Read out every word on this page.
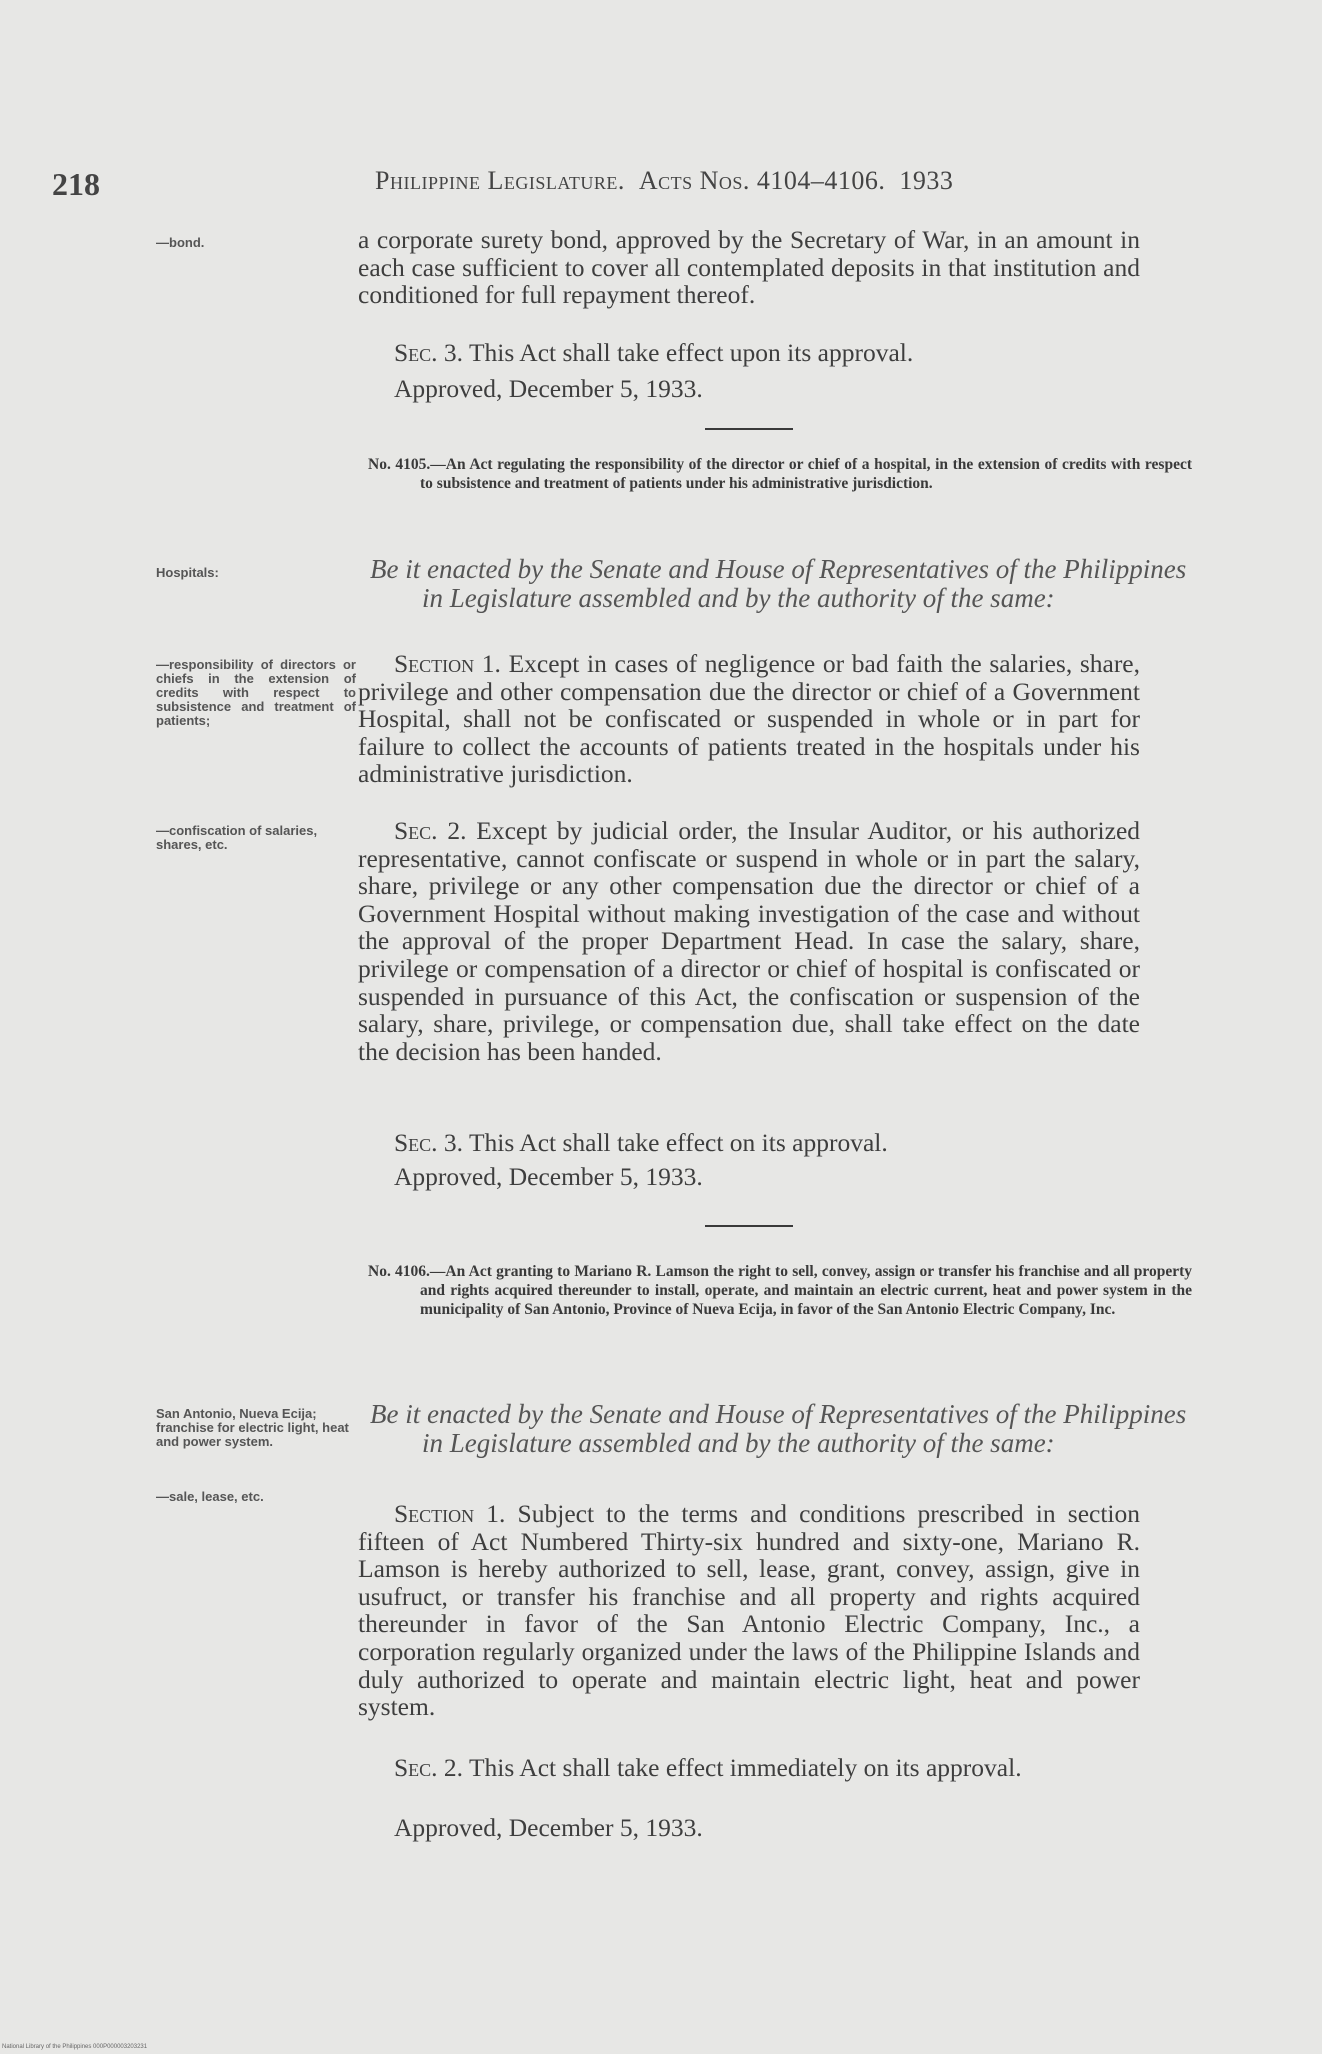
218	Philippine Legislature. Acts Nos. 4104–4106. 1933
—bond.	a corporate surety bond, approved by the Secretary of War, in an amount in each case sufficient to cover all contemplated deposits in that institution and conditioned for full repayment thereof.
Sec. 3. This Act shall take effect upon its approval.
Approved, December 5, 1933.
No. 4105.—An Act regulating the responsibility of the director or chief of a hospital, in the extension of credits with respect to subsistence and treatment of patients under his administrative jurisdiction.
Hospitals:	Be it enacted by the Senate and House of Representatives of the Philippines in Legislature assembled and by the authority of the same:
—responsibility of directors or chiefs in the extension of credits with respect to subsistence and treatment of patients;
Section 1. Except in cases of negligence or bad faith the salaries, share, privilege and other compensation due the director or chief of a Government Hospital, shall not be confiscated or suspended in whole or in part for failure to collect the accounts of patients treated in the hospitals under his administrative jurisdiction.
—confiscation of salaries, shares, etc.	Sec. 2. Except by judicial order, the Insular Auditor, or his authorized representative, cannot confiscate or suspend in whole or in part the salary, share, privilege or any other compensation due the director or chief of a Government Hospital without making investigation of the case and without the approval of the proper Department Head. In case the salary, share, privilege or compensation of a director or chief of hospital is confiscated or suspended in pursuance of this Act, the confiscation or suspension of the salary, share, privilege, or compensation due, shall take effect on the date the decision has been handed.
Sec. 3. This Act shall take effect on its approval.
Approved, December 5, 1933.
No. 4106.—An Act granting to Mariano R. Lamson the right to sell, convey, assign or transfer his franchise and all property and rights acquired thereunder to install, operate, and maintain an electric current, heat and power system in the municipality of San Antonio, Province of Nueva Ecija, in favor of the San Antonio Electric Company, Inc.
San Antonio, Nueva Ecija; franchise for electric light, heat and power system.
Be it enacted by the Senate and House of Representatives of the Philippines in Legislature assembled and by the authority of the same:
—sale, lease, etc.
Section 1. Subject to the terms and conditions prescribed in section fifteen of Act Numbered Thirty-six hundred and sixty-one, Mariano R. Lamson is hereby authorized to sell, lease, grant, convey, assign, give in usufruct, or transfer his franchise and all property and rights acquired thereunder in favor of the San Antonio Electric Company, Inc., a corporation regularly organized under the laws of the Philippine Islands and duly authorized to operate and maintain electric light, heat and power system.
Sec. 2. This Act shall take effect immediately on its approval.
Approved, December 5, 1933.
National Library of the Philippines 000P000003203231
